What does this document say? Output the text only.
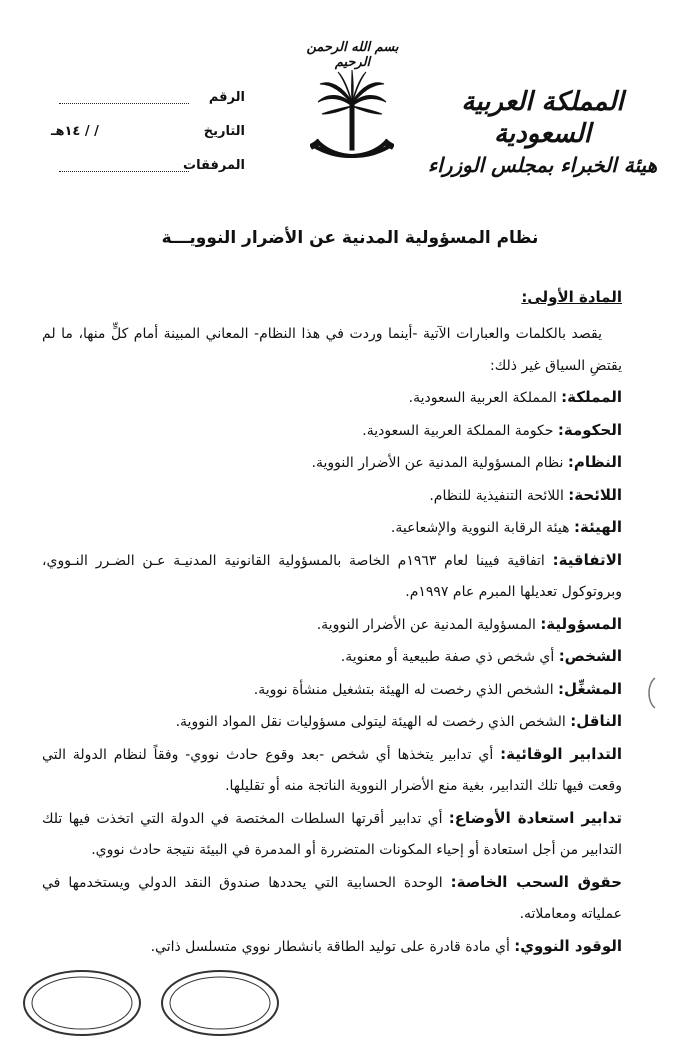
المملكة العربية السعودية
هيئة الخبراء بمجلس الوزراء
بسم الله الرحمن الرحيم
الرقم
التاريخ
/ / ١٤هـ
المرفقات
نظام المسؤولية المدنية عن الأضرار النوويـــة
المادة الأولى:
يقصد بالكلمات والعبارات الآتية -أينما وردت في هذا النظام- المعاني المبينة أمام كلٍّ منها، ما لم يقتضِ السياق غير ذلك:
المملكة: المملكة العربية السعودية.
الحكومة: حكومة المملكة العربية السعودية.
النظام: نظام المسؤولية المدنية عن الأضرار النووية.
اللائحة: اللائحة التنفيذية للنظام.
الهيئة: هيئة الرقابة النووية والإشعاعية.
الاتفاقية: اتفاقية فيينا لعام ١٩٦٣م الخاصة بالمسؤولية القانونية المدنيـة عـن الضـرر النـووي، وبروتوكول تعديلها المبرم عام ١٩٩٧م.
المسؤولية: المسؤولية المدنية عن الأضرار النووية.
الشخص: أي شخص ذي صفة طبيعية أو معنوية.
المشغِّل: الشخص الذي رخصت له الهيئة بتشغيل منشأة نووية.
الناقل: الشخص الذي رخصت له الهيئة ليتولى مسؤوليات نقل المواد النووية.
التدابير الوقائية: أي تدابير يتخذها أي شخص -بعد وقوع حادث نووي- وفقاً لنظام الدولة التي وقعت فيها تلك التدابير، بغية منع الأضرار النووية الناتجة منه أو تقليلها.
تدابير استعادة الأوضاع: أي تدابير أقرتها السلطات المختصة في الدولة التي اتخذت فيها تلك التدابير من أجل استعادة أو إحياء المكونات المتضررة أو المدمرة في البيئة نتيجة حادث نووي.
حقوق السحب الخاصة: الوحدة الحسابية التي يحددها صندوق النقد الدولي ويستخدمها في عملياته ومعاملاته.
الوقود النووي: أي مادة قادرة على توليد الطاقة بانشطار نووي متسلسل ذاتي.
